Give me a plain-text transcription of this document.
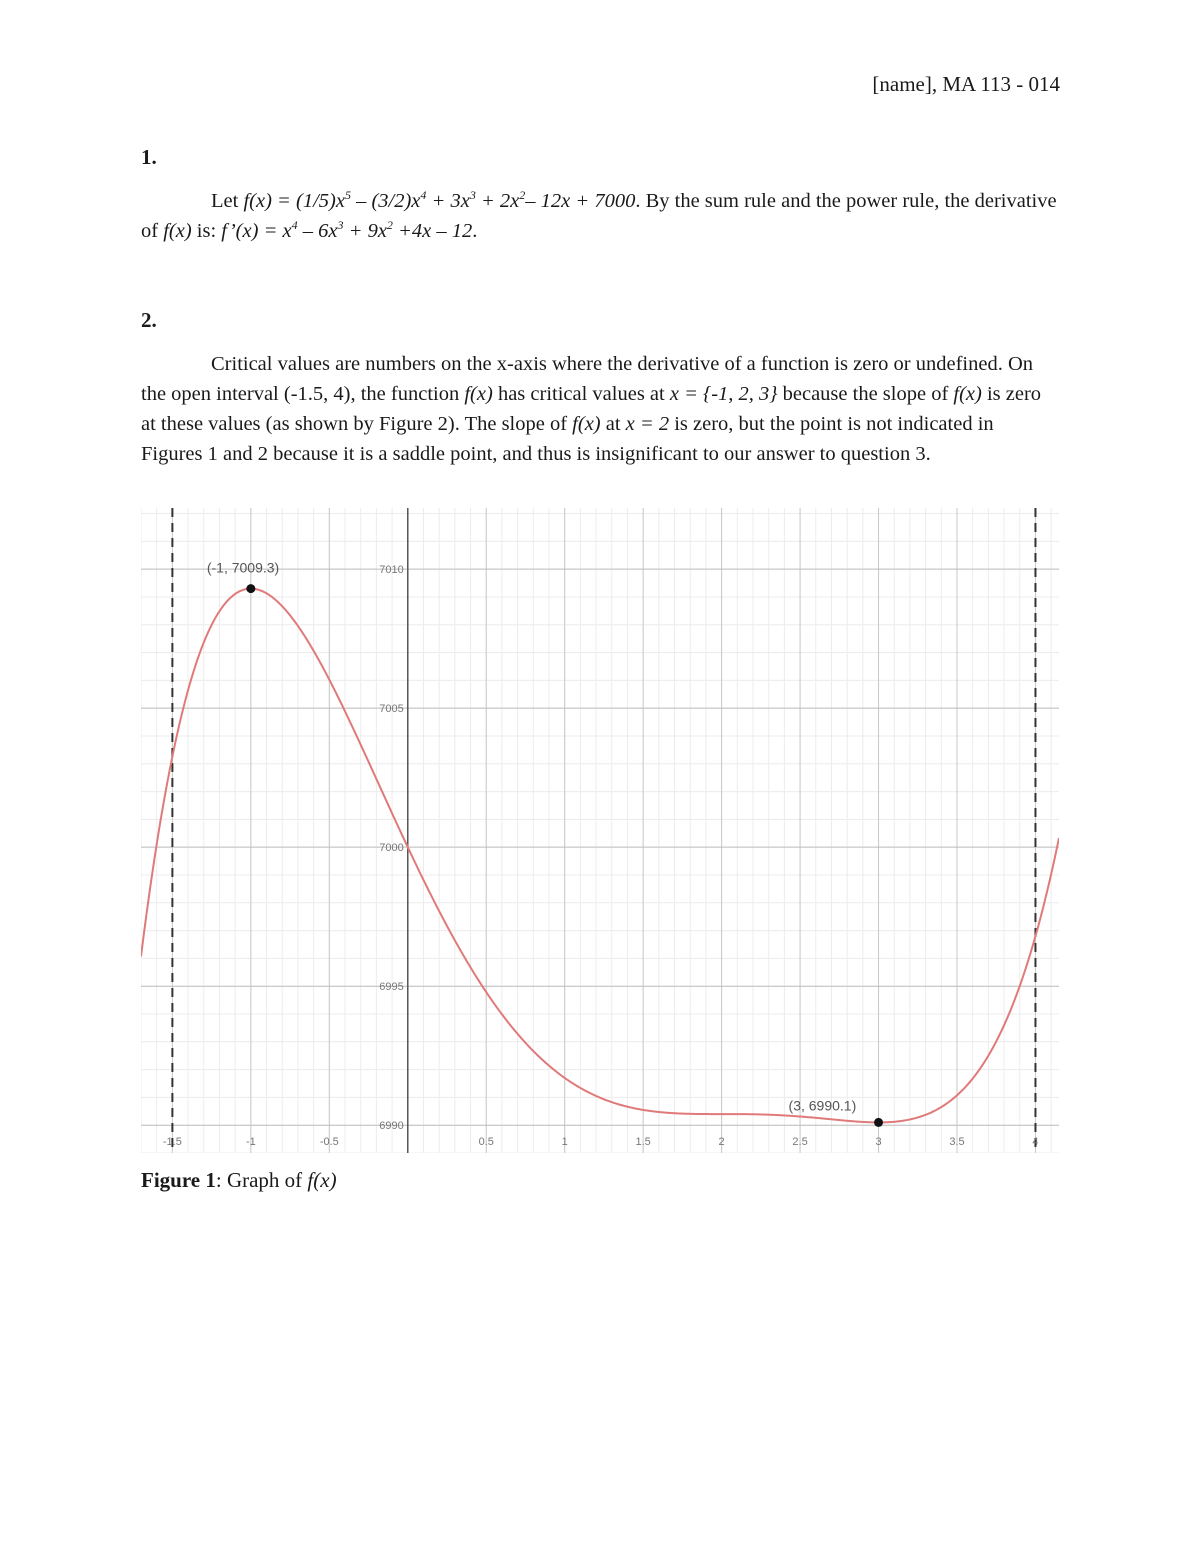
[name], MA 113 - 014
1.
Let $f(x) = (1/5)x^5 - (3/2)x^4 + 3x^3 + 2x^2-$ 12x + 7000. By the sum rule and the power rule, the derivative of f(x) is: f’(x) = $x^4 - 6x^3 + 9x^2 +4x - 12$.
2.
Critical values are numbers on the x-axis where the derivative of a function is zero or undefined. On the open interval (-1.5, 4), the function f(x) has critical values at x = {-1, 2, 3} because the slope of f(x) is zero at these values (as shown by Figure 2). The slope of f(x) at x = 2 is zero, but the point is not indicated in Figures 1 and 2 because it is a saddle point, and thus is insignificant to our answer to question 3.
-1.5	-1	-0.5	0.5	1	1.5	2	2.5	3	3.5	4
6990
6995
7000
7005
7010
(-1, 7009.3)
(3, 6990.1)
Figure 1: Graph of f(x)
